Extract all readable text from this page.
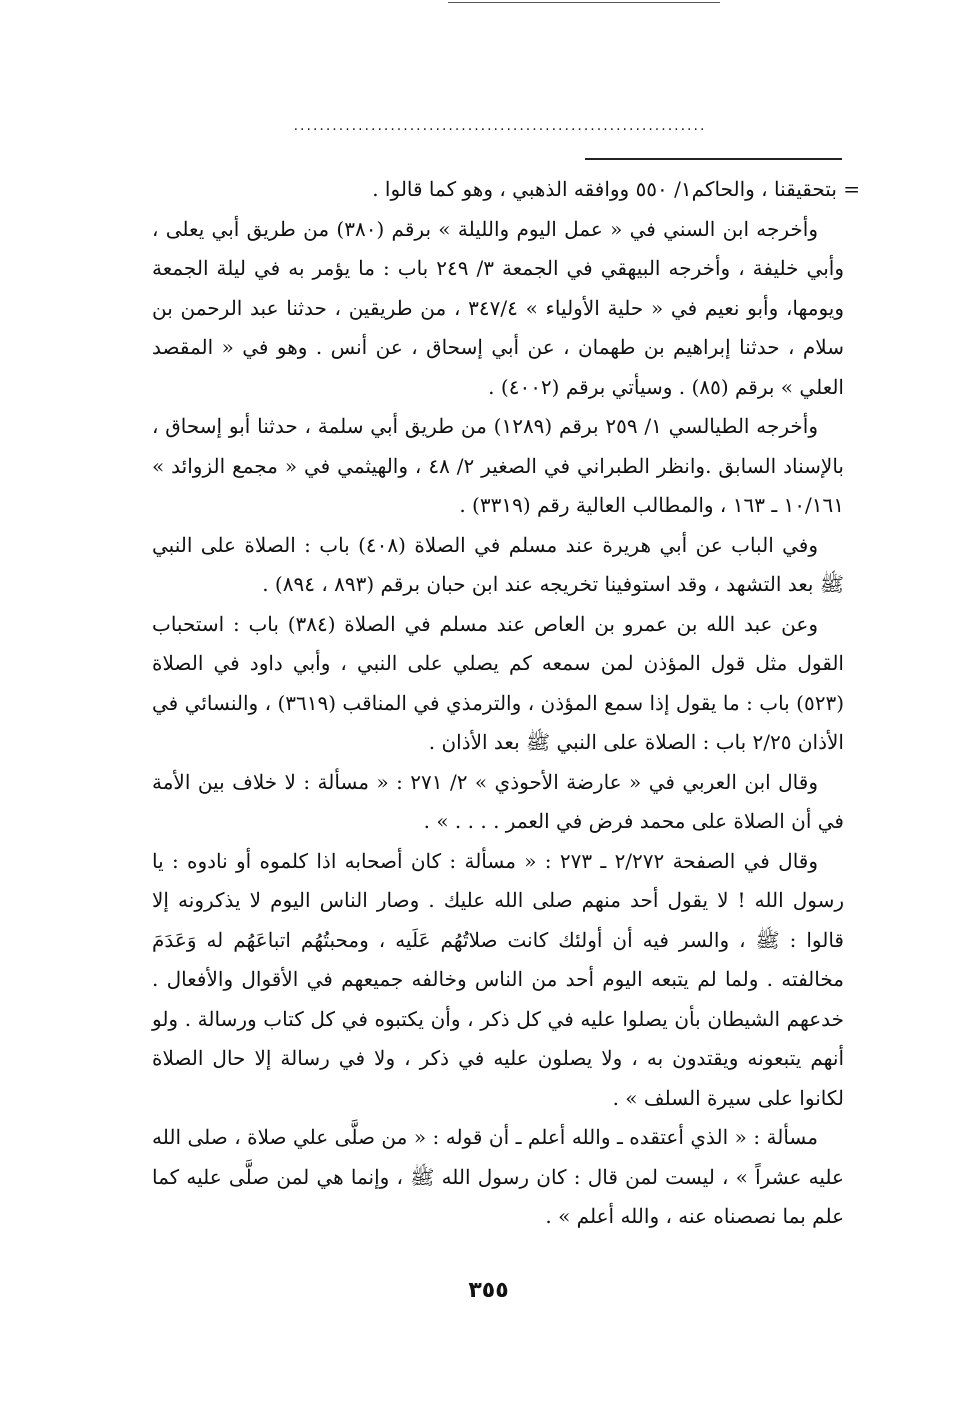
................................................................

= بتحقيقنا ، والحاكم١/ ٥٥٠ ووافقه الذهبي ، وهو كما قالوا .

وأخرجه ابن السني في « عمل اليوم والليلة » برقم (٣٨٠) من طريق أبي يعلى ، وأبي خليفة ، وأخرجه البيهقي في الجمعة ٣/ ٢٤٩ باب : ما يؤمر به في ليلة الجمعة ويومها، وأبو نعيم في « حلية الأولياء » ٣٤٧/٤ ، من طريقين ، حدثنا عبد الرحمن بن سلام ، حدثنا إبراهيم بن طهمان ، عن أبي إسحاق ، عن أنس . وهو في « المقصد العلي » برقم (٨٥) . وسيأتي برقم (٤٠٠٢) .

وأخرجه الطيالسي ١/ ٢٥٩ برقم (١٢٨٩) من طريق أبي سلمة ، حدثنا أبو إسحاق ، بالإسناد السابق .وانظر الطبراني في الصغير ٢/ ٤٨ ، والهيثمي في « مجمع الزوائد » ١٠/١٦١ ـ ١٦٣ ، والمطالب العالية رقم (٣٣١٩) .

وفي الباب عن أبي هريرة عند مسلم في الصلاة (٤٠٨) باب : الصلاة على النبي ﷺ بعد التشهد ، وقد استوفينا تخريجه عند ابن حبان برقم (٨٩٣ ، ٨٩٤) .

وعن عبد الله بن عمرو بن العاص عند مسلم في الصلاة (٣٨٤) باب : استحباب القول مثل قول المؤذن لمن سمعه كم يصلي على النبي ، وأبي داود في الصلاة (٥٢٣) باب : ما يقول إذا سمع المؤذن ، والترمذي في المناقب (٣٦١٩) ، والنسائي في الأذان ٢/٢٥ باب : الصلاة على النبي ﷺ بعد الأذان .

وقال ابن العربي في « عارضة الأحوذي » ٢/ ٢٧١ : « مسألة : لا خلاف بين الأمة في أن الصلاة على محمد فرض في العمر . . . . » .

وقال في الصفحة ٢/٢٧٢ ـ ٢٧٣ : « مسألة : كان أصحابه اذا كلموه أو نادوه : يا رسول الله ! لا يقول أحد منهم صلى الله عليك . وصار الناس اليوم لا يذكرونه إلا قالوا : ﷺ ، والسر فيه أن أولئك كانت صلاتُهُم عَلَيه ، ومحبتُهُم اتباعَهُم له وَعَدَمَ مخالفته . ولما لم يتبعه اليوم أحد من الناس وخالفه جميعهم في الأقوال والأفعال . خدعهم الشيطان بأن يصلوا عليه في كل ذكر ، وأن يكتبوه في كل كتاب ورسالة . ولو أنهم يتبعونه ويقتدون به ، ولا يصلون عليه في ذكر ، ولا في رسالة إلا حال الصلاة لكانوا على سيرة السلف » .

مسألة : « الذي أعتقده ـ والله أعلم ـ أن قوله : « من صلَّى علي صلاة ، صلى الله عليه عشراً » ، ليست لمن قال : كان رسول الله ﷺ ، وإنما هي لمن صلَّى عليه كما علم بما نصصناه عنه ، والله أعلم » .

٣٥٥
